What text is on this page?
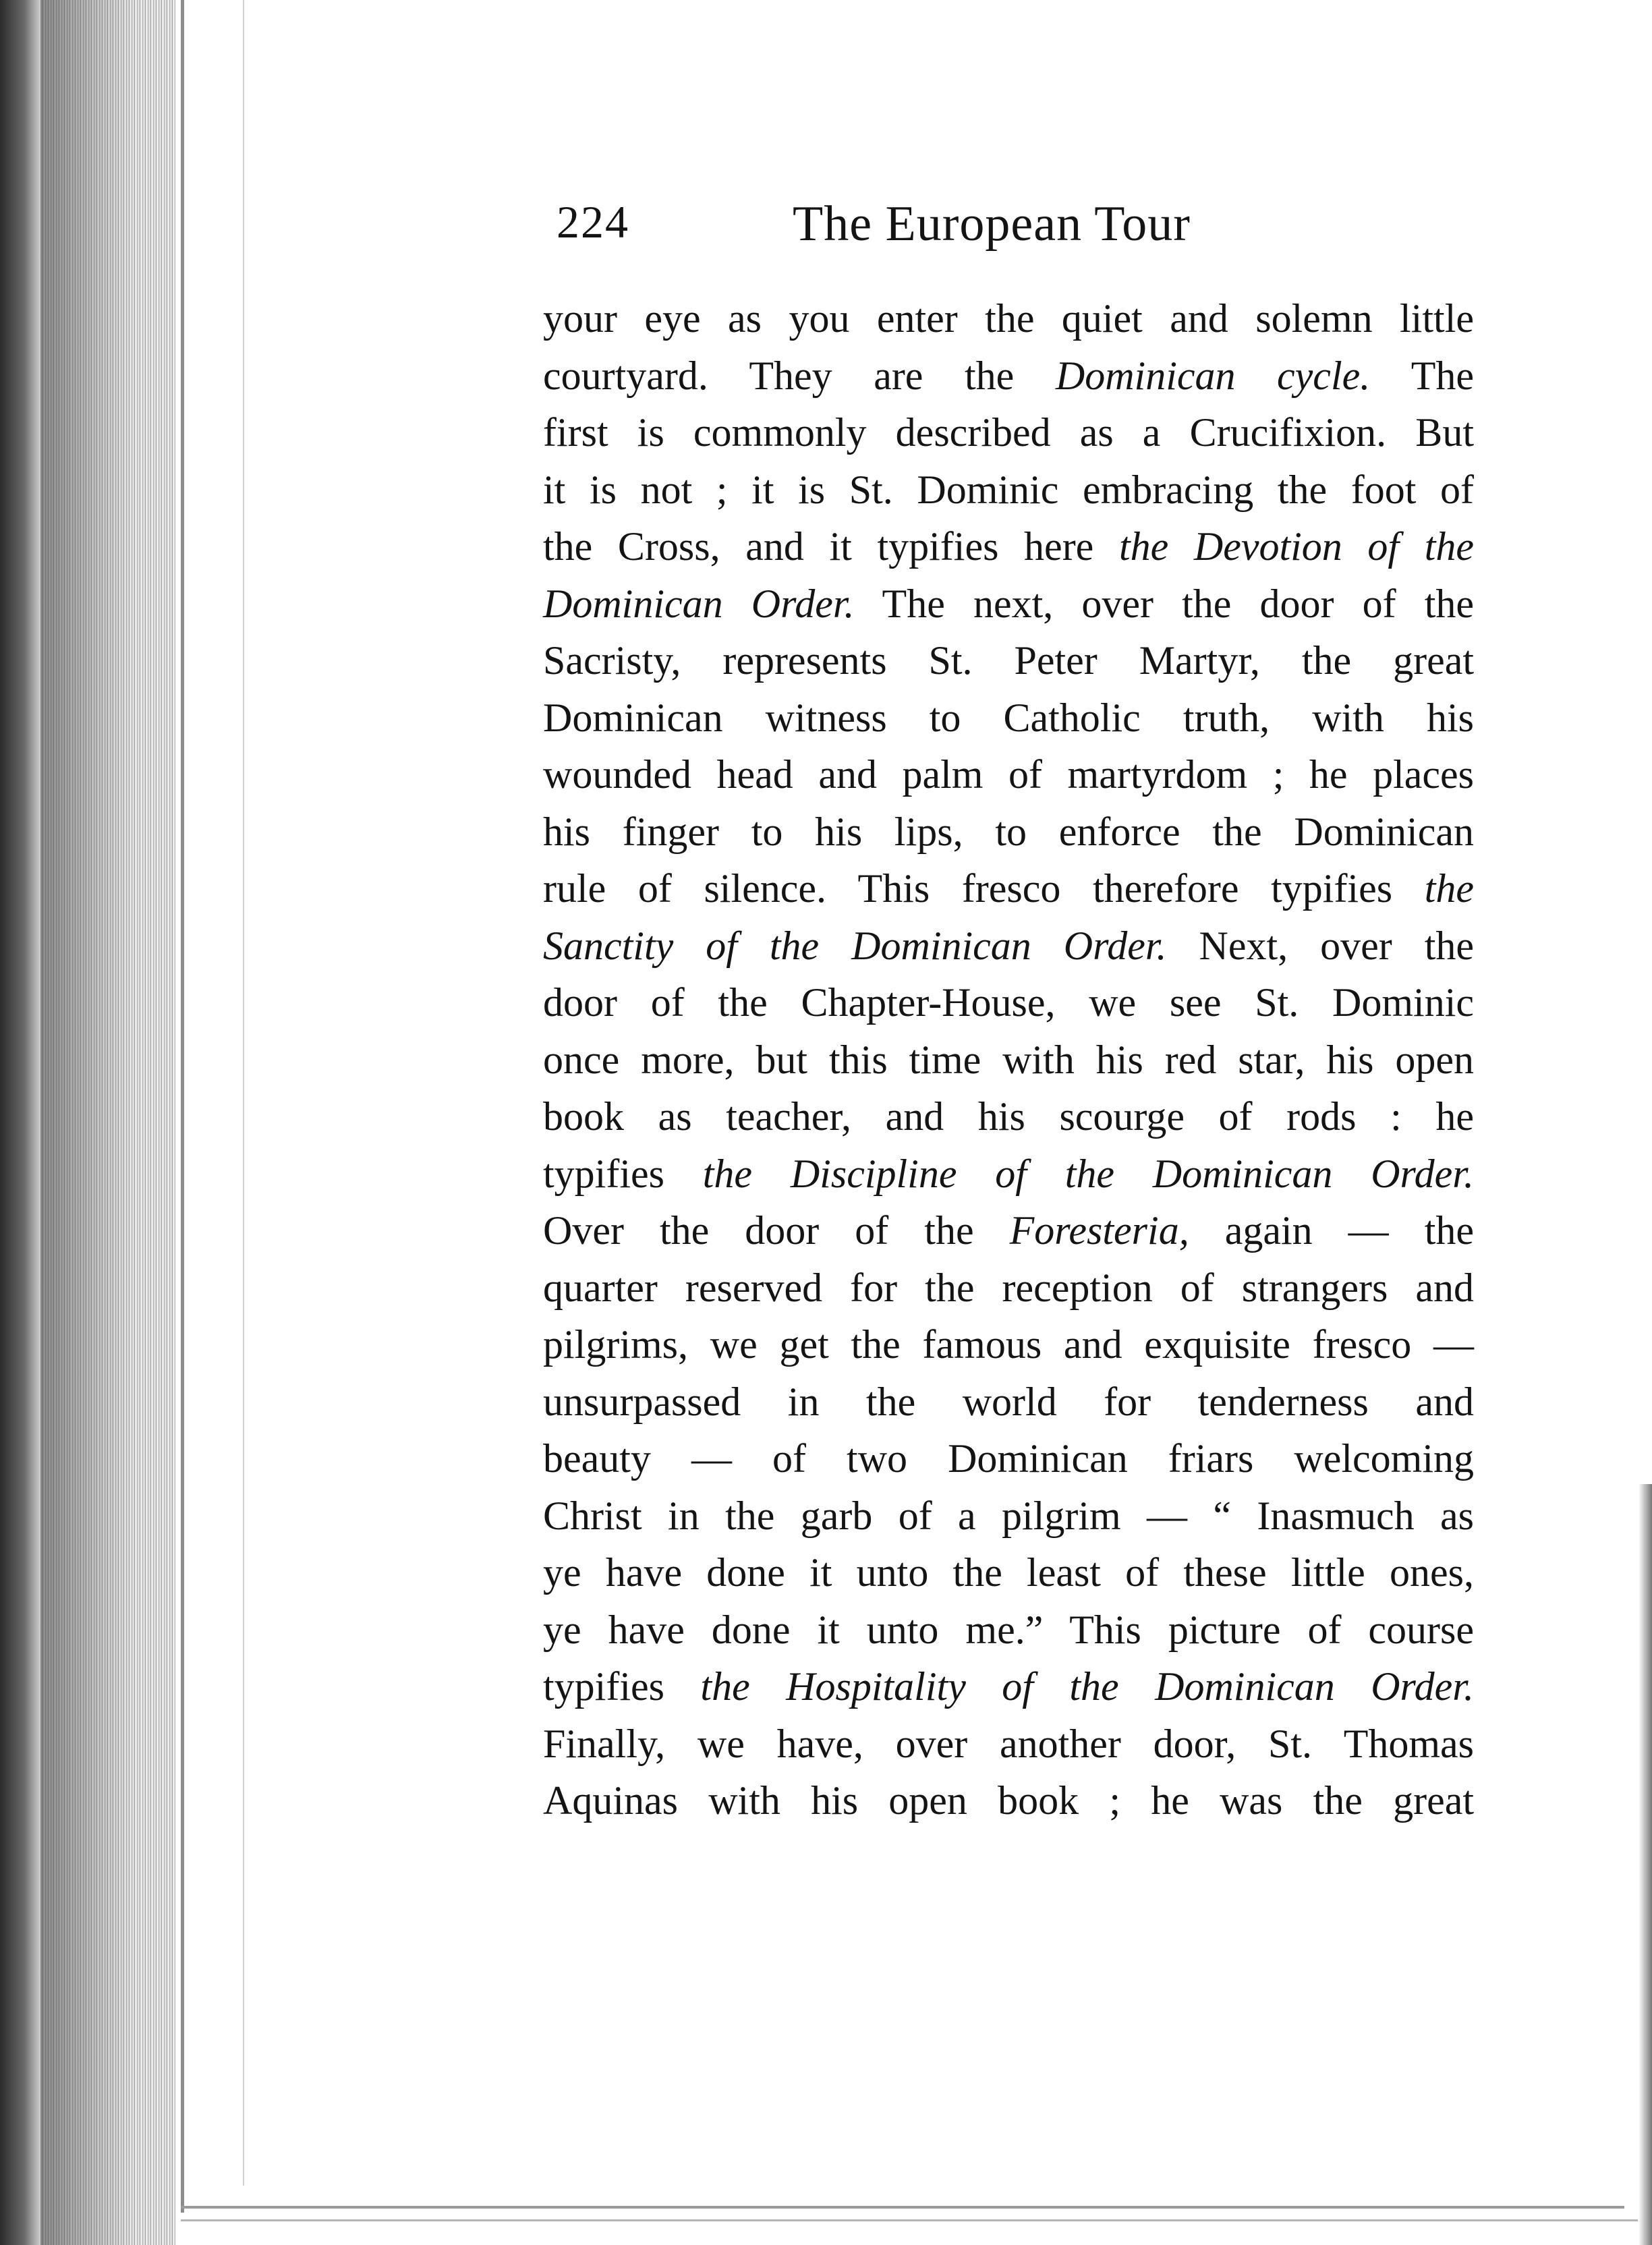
224	The European Tour
your eye as you enter the quiet and solemn little
courtyard. They are the Dominican cycle. The
first is commonly described as a Crucifixion. But
it is not ; it is St. Dominic embracing the foot of
the Cross, and it typifies here the Devotion of the
Dominican Order. The next, over the door of the
Sacristy, represents St. Peter Martyr, the great
Dominican witness to Catholic truth, with his
wounded head and palm of martyrdom ; he places
his finger to his lips, to enforce the Dominican
rule of silence. This fresco therefore typifies the
Sanctity of the Dominican Order. Next, over the
door of the Chapter-House, we see St. Dominic
once more, but this time with his red star, his open
book as teacher, and his scourge of rods : he
typifies the Discipline of the Dominican Order.
Over the door of the Foresteria, again — the
quarter reserved for the reception of strangers and
pilgrims, we get the famous and exquisite fresco —
unsurpassed in the world for tenderness and
beauty — of two Dominican friars welcoming
Christ in the garb of a pilgrim — “ Inasmuch as
ye have done it unto the least of these little ones,
ye have done it unto me.” This picture of course
typifies the Hospitality of the Dominican Order.
Finally, we have, over another door, St. Thomas
Aquinas with his open book ; he was the great
